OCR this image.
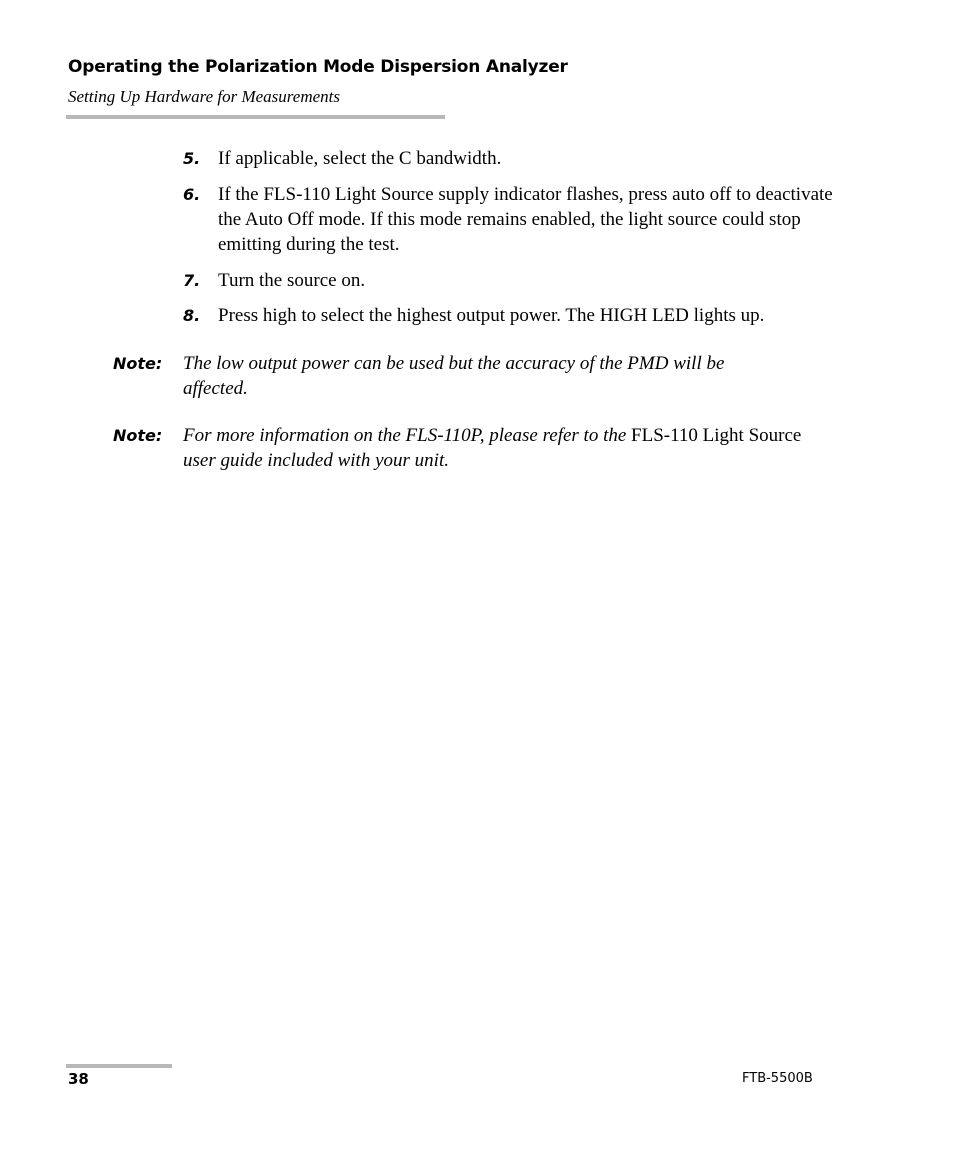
Operating the Polarization Mode Dispersion Analyzer
Setting Up Hardware for Measurements
5. If applicable, select the C bandwidth.
6. If the FLS-110 Light Source supply indicator flashes, press auto off to deactivate the Auto Off mode. If this mode remains enabled, the light source could stop emitting during the test.
7. Turn the source on.
8. Press high to select the highest output power. The HIGH LED lights up.
Note: The low output power can be used but the accuracy of the PMD will be affected.
Note: For more information on the FLS-110P, please refer to the FLS-110 Light Source user guide included with your unit.
38	FTB-5500B
